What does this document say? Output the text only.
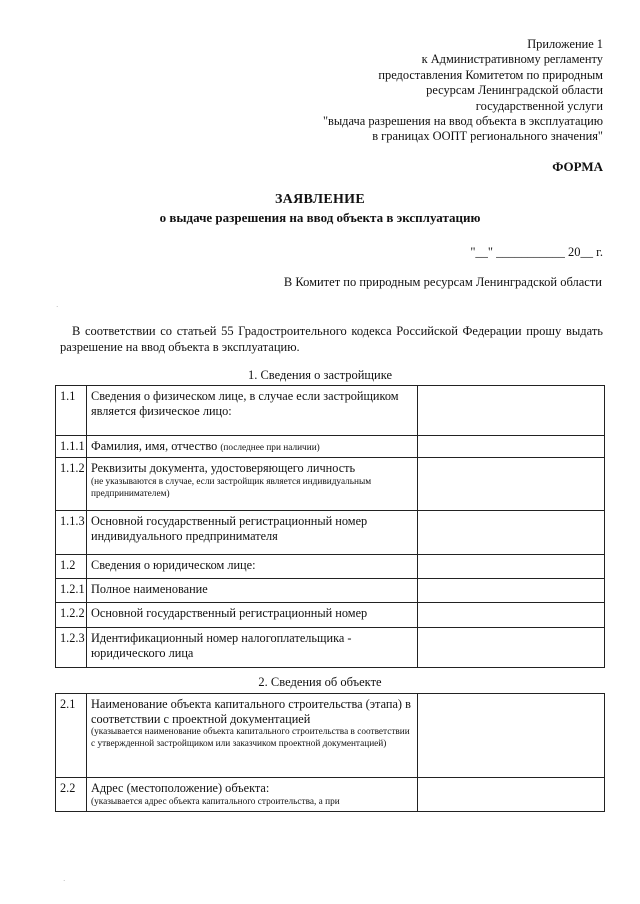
Приложение 1
к Административному регламенту
предоставления Комитетом по природным
ресурсам Ленинградской области
государственной услуги
"выдача разрешения на ввод объекта в эксплуатацию
в границах ООПТ регионального значения"
ФОРМА
ЗАЯВЛЕНИЕ
о выдаче разрешения на ввод объекта в эксплуатацию
"__" ___________ 20__ г.
В Комитет по природным ресурсам Ленинградской области
В соответствии со статьей 55 Градостроительного кодекса Российской Федерации прошу выдать разрешение на ввод объекта в эксплуатацию.
1. Сведения о застройщике
1.1	Сведения о физическом лице, в случае если застройщиком является физическое лицо:	
1.1.1	Фамилия, имя, отчество (последнее при наличии)	
1.1.2	Реквизиты документа, удостоверяющего личность
(не указываются в случае, если застройщик является индивидуальным предпринимателем)	

1.1.3	Основной государственный регистрационный номер индивидуального предпринимателя	
1.2	Сведения о юридическом лице:	
1.2.1	Полное наименование	
1.2.2	Основной государственный регистрационный номер	
1.2.3	Идентификационный номер налогоплательщика - юридического лица	
2. Сведения об объекте
2.1	Наименование объекта капитального строительства (этапа) в соответствии с проектной документацией
(указывается наименование объекта капитального строительства в соответствии с утвержденной застройщиком или заказчиком проектной документацией)	

2.2	Адрес (местоположение) объекта:
(указывается адрес объекта капитального строительства, а при	

·
·
